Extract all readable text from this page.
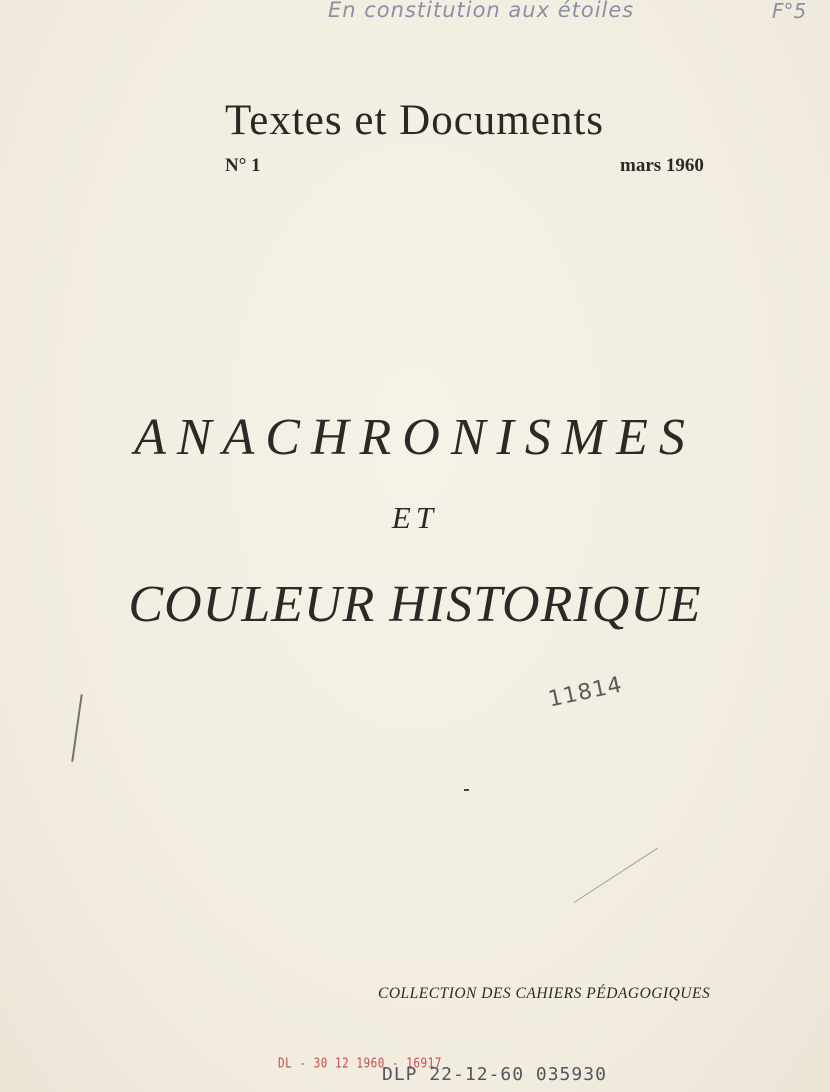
En constitution aux étoiles	F°5
Textes et Documents
N° 1	mars 1960
ANACHRONISMES
ET
COULEUR HISTORIQUE
11814
COLLECTION DES CAHIERS PÉDAGOGIQUES
DL - 30 12 1960 - 16917
DLP 22-12-60 035930
